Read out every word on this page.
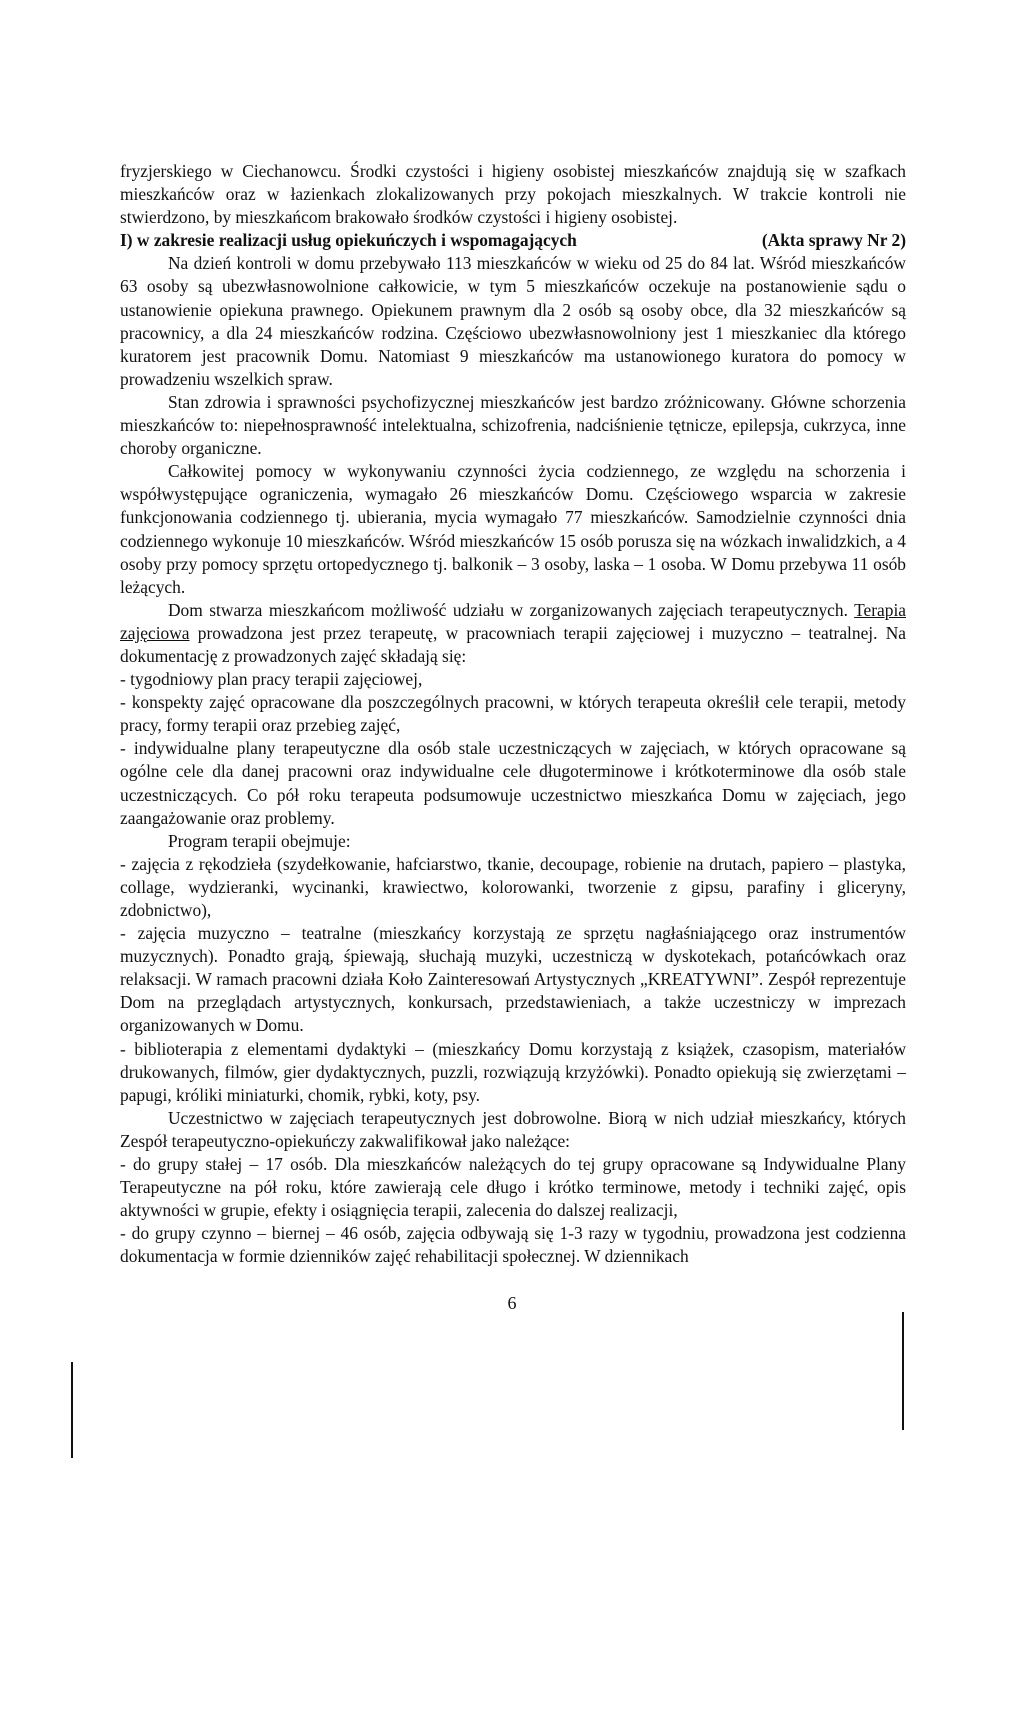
fryzjerskiego w Ciechanowcu. Środki czystości i higieny osobistej mieszkańców znajdują się w szafkach mieszkańców oraz w łazienkach zlokalizowanych przy pokojach mieszkalnych. W trakcie kontroli nie stwierdzono, by mieszkańcom brakowało środków czystości i higieny osobistej.

I) w zakresie realizacji usług opiekuńczych i wspomagających	(Akta sprawy Nr 2)

Na dzień kontroli w domu przebywało 113 mieszkańców w wieku od 25 do 84 lat. Wśród mieszkańców 63 osoby są ubezwłasnowolnione całkowicie, w tym 5 mieszkańców oczekuje na postanowienie sądu o ustanowienie opiekuna prawnego. Opiekunem prawnym dla 2 osób są osoby obce, dla 32 mieszkańców są pracownicy, a dla 24 mieszkańców rodzina. Częściowo ubezwłasnowolniony jest 1 mieszkaniec dla którego kuratorem jest pracownik Domu. Natomiast 9 mieszkańców ma ustanowionego kuratora do pomocy w prowadzeniu wszelkich spraw.

Stan zdrowia i sprawności psychofizycznej mieszkańców jest bardzo zróżnicowany. Główne schorzenia mieszkańców to: niepełnosprawność intelektualna, schizofrenia, nadciśnienie tętnicze, epilepsja, cukrzyca, inne choroby organiczne.

Całkowitej pomocy w wykonywaniu czynności życia codziennego, ze względu na schorzenia i współwystępujące ograniczenia, wymagało 26 mieszkańców Domu. Częściowego wsparcia w zakresie funkcjonowania codziennego tj. ubierania, mycia wymagało 77 mieszkańców. Samodzielnie czynności dnia codziennego wykonuje 10 mieszkańców. Wśród mieszkańców 15 osób porusza się na wózkach inwalidzkich, a 4 osoby przy pomocy sprzętu ortopedycznego tj. balkonik – 3 osoby, laska – 1 osoba. W Domu przebywa 11 osób leżących.

Dom stwarza mieszkańcom możliwość udziału w zorganizowanych zajęciach terapeutycznych. Terapia zajęciowa prowadzona jest przez terapeutę, w pracowniach terapii zajęciowej i muzyczno – teatralnej. Na dokumentację z prowadzonych zajęć składają się:

- tygodniowy plan pracy terapii zajęciowej,

- konspekty zajęć opracowane dla poszczególnych pracowni, w których terapeuta określił cele terapii, metody pracy, formy terapii oraz przebieg zajęć,

- indywidualne plany terapeutyczne dla osób stale uczestniczących w zajęciach, w których opracowane są ogólne cele dla danej pracowni oraz indywidualne cele długoterminowe i krótkoterminowe dla osób stale uczestniczących. Co pół roku terapeuta podsumowuje uczestnictwo mieszkańca Domu w zajęciach, jego zaangażowanie oraz problemy.

Program terapii obejmuje:

- zajęcia z rękodzieła (szydełkowanie, hafciarstwo, tkanie, decoupage, robienie na drutach, papiero – plastyka, collage, wydzieranki, wycinanki, krawiectwo, kolorowanki, tworzenie z gipsu, parafiny i gliceryny, zdobnictwo),

- zajęcia muzyczno – teatralne (mieszkańcy korzystają ze sprzętu nagłaśniającego oraz instrumentów muzycznych). Ponadto grają, śpiewają, słuchają muzyki, uczestniczą w dyskotekach, potańcówkach oraz relaksacji. W ramach pracowni działa Koło Zainteresowań Artystycznych „KREATYWNI”. Zespół reprezentuje Dom na przeglądach artystycznych, konkursach, przedstawieniach, a także uczestniczy w imprezach organizowanych w Domu.

- biblioterapia z elementami dydaktyki – (mieszkańcy Domu korzystają z książek, czasopism, materiałów drukowanych, filmów, gier dydaktycznych, puzzli, rozwiązują krzyżówki). Ponadto opiekują się zwierzętami – papugi, króliki miniaturki, chomik, rybki, koty, psy.

Uczestnictwo w zajęciach terapeutycznych jest dobrowolne. Biorą w nich udział mieszkańcy, których Zespół terapeutyczno-opiekuńczy zakwalifikował jako należące:

- do grupy stałej – 17 osób. Dla mieszkańców należących do tej grupy opracowane są Indywidualne Plany Terapeutyczne na pół roku, które zawierają cele długo i krótko terminowe, metody i techniki zajęć, opis aktywności w grupie, efekty i osiągnięcia terapii, zalecenia do dalszej realizacji,

- do grupy czynno – biernej – 46 osób, zajęcia odbywają się 1-3 razy w tygodniu, prowadzona jest codzienna dokumentacja w formie dzienników zajęć rehabilitacji społecznej. W dziennikach

6
